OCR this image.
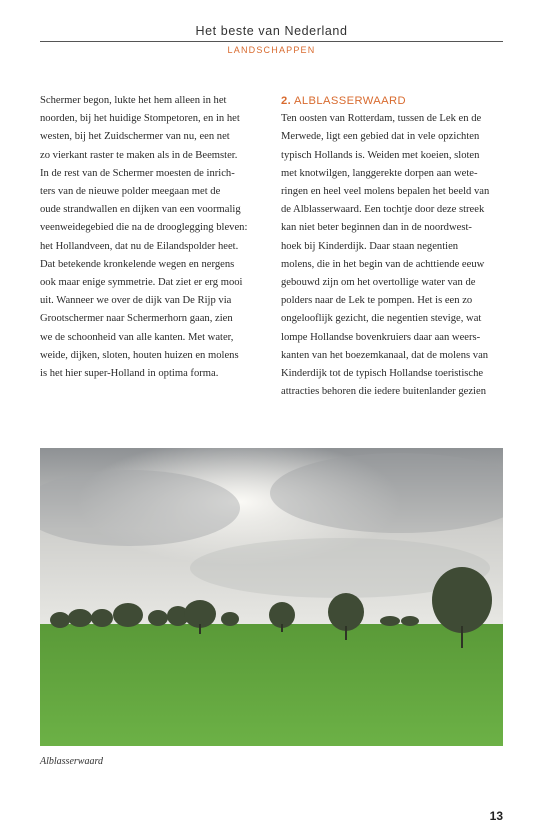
Het beste van Nederland
LANDSCHAPPEN
Schermer begon, lukte het hem alleen in het
noorden, bij het huidige Stompetoren, en in het
westen, bij het Zuidschermer van nu, een net
zo vierkant raster te maken als in de Beemster.
In de rest van de Schermer moesten de inrich-
ters van de nieuwe polder meegaan met de
oude strandwallen en dijken van een voormalig
veenweidegebied die na de drooglegging bleven:
het Hollandveen, dat nu de Eilandspolder heet.
Dat betekende kronkelende wegen en nergens
ook maar enige symmetrie. Dat ziet er erg mooi
uit. Wanneer we over de dijk van De Rijp via
Grootschermer naar Schermerhorn gaan, zien
we de schoonheid van alle kanten. Met water,
weide, dijken, sloten, houten huizen en molens
is het hier super-Holland in optima forma.
2. ALBLASSERWAARD
Ten oosten van Rotterdam, tussen de Lek en de
Merwede, ligt een gebied dat in vele opzichten
typisch Hollands is. Weiden met koeien, sloten
met knotwilgen, langgerekte dorpen aan wete-
ringen en heel veel molens bepalen het beeld van
de Alblasserwaard. Een tochtje door deze streek
kan niet beter beginnen dan in de noordwest-
hoek bij Kinderdijk. Daar staan negentien
molens, die in het begin van de achttiende eeuw
gebouwd zijn om het overtollige water van de
polders naar de Lek te pompen. Het is een zo
ongelooflijk gezicht, die negentien stevige, wat
lompe Hollandse bovenkruiers daar aan weers-
kanten van het boezemkanaal, dat de molens van
Kinderdijk tot de typisch Hollandse toeristische
attracties behoren die iedere buitenlander gezien
Alblasserwaard
13
